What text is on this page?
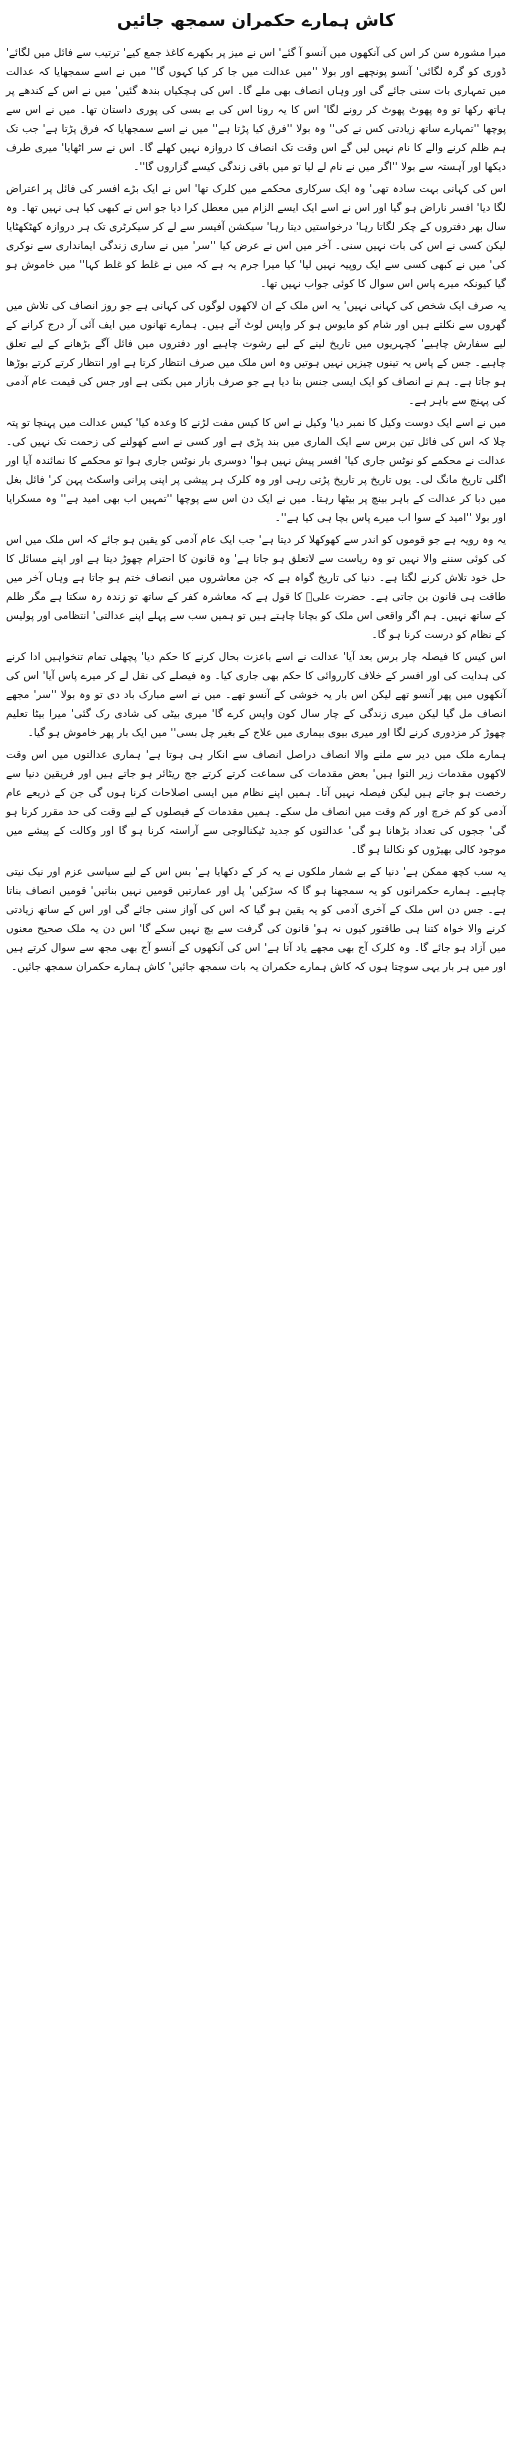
کاش ہمارے حکمران سمجھ جائیں

میرا مشورہ سن کر اس کی آنکھوں میں آنسو آ گئے' اس نے میز پر بکھرے کاغذ جمع کیے' ترتیب سے فائل میں لگائے' ڈوری کو گرہ لگائی' آنسو پونچھے اور بولا ''میں عدالت میں جا کر کیا کہوں گا'' میں نے اسے سمجھایا کہ عدالت میں تمہاری بات سنی جائے گی اور وہاں انصاف بھی ملے گا۔ اس کی ہچکیاں بندھ گئیں' میں نے اس کے کندھے پر ہاتھ رکھا تو وہ پھوٹ پھوٹ کر رونے لگا' اس کا یہ رونا اس کی بے بسی کی پوری داستان تھا۔ میں نے اس سے پوچھا ''تمہارے ساتھ زیادتی کس نے کی'' وہ بولا ''فرق کیا پڑتا ہے'' میں نے اسے سمجھایا کہ فرق پڑتا ہے' جب تک ہم ظلم کرنے والے کا نام نہیں لیں گے اس وقت تک انصاف کا دروازہ نہیں کھلے گا۔ اس نے سر اٹھایا' میری طرف دیکھا اور آہستہ سے بولا ''اگر میں نے نام لے لیا تو میں باقی زندگی کیسے گزاروں گا''۔

اس کی کہانی بہت سادہ تھی' وہ ایک سرکاری محکمے میں کلرک تھا' اس نے ایک بڑے افسر کی فائل پر اعتراض لگا دیا' افسر ناراض ہو گیا اور اس نے اسے ایک ایسے الزام میں معطل کرا دیا جو اس نے کبھی کیا ہی نہیں تھا۔ وہ سال بھر دفتروں کے چکر لگاتا رہا' درخواستیں دیتا رہا' سیکشن آفیسر سے لے کر سیکرٹری تک ہر دروازہ کھٹکھٹایا لیکن کسی نے اس کی بات نہیں سنی۔ آخر میں اس نے عرض کیا ''سر' میں نے ساری زندگی ایمانداری سے نوکری کی' میں نے کبھی کسی سے ایک روپیہ نہیں لیا' کیا میرا جرم یہ ہے کہ میں نے غلط کو غلط کہا'' میں خاموش ہو گیا کیونکہ میرے پاس اس سوال کا کوئی جواب نہیں تھا۔

یہ صرف ایک شخص کی کہانی نہیں' یہ اس ملک کے ان لاکھوں لوگوں کی کہانی ہے جو روز انصاف کی تلاش میں گھروں سے نکلتے ہیں اور شام کو مایوس ہو کر واپس لوٹ آتے ہیں۔ ہمارے تھانوں میں ایف آئی آر درج کرانے کے لیے سفارش چاہیے' کچہریوں میں تاریخ لینے کے لیے رشوت چاہیے اور دفتروں میں فائل آگے بڑھانے کے لیے تعلق چاہیے۔ جس کے پاس یہ تینوں چیزیں نہیں ہوتیں وہ اس ملک میں صرف انتظار کرتا ہے اور انتظار کرتے کرتے بوڑھا ہو جاتا ہے۔ ہم نے انصاف کو ایک ایسی جنس بنا دیا ہے جو صرف بازار میں بکتی ہے اور جس کی قیمت عام آدمی کی پہنچ سے باہر ہے۔

میں نے اسے ایک دوست وکیل کا نمبر دیا' وکیل نے اس کا کیس مفت لڑنے کا وعدہ کیا' کیس عدالت میں پہنچا تو پتہ چلا کہ اس کی فائل تین برس سے ایک الماری میں بند پڑی ہے اور کسی نے اسے کھولنے کی زحمت تک نہیں کی۔ عدالت نے محکمے کو نوٹس جاری کیا' افسر پیش نہیں ہوا' دوسری بار نوٹس جاری ہوا تو محکمے کا نمائندہ آیا اور اگلی تاریخ مانگ لی۔ یوں تاریخ پر تاریخ پڑتی رہی اور وہ کلرک ہر پیشی پر اپنی پرانی واسکٹ پہن کر' فائل بغل میں دبا کر عدالت کے باہر بینچ پر بیٹھا رہتا۔ میں نے ایک دن اس سے پوچھا ''تمہیں اب بھی امید ہے'' وہ مسکرایا اور بولا ''امید کے سوا اب میرے پاس بچا ہی کیا ہے''۔

یہ وہ رویہ ہے جو قوموں کو اندر سے کھوکھلا کر دیتا ہے' جب ایک عام آدمی کو یقین ہو جائے کہ اس ملک میں اس کی کوئی سننے والا نہیں تو وہ ریاست سے لاتعلق ہو جاتا ہے' وہ قانون کا احترام چھوڑ دیتا ہے اور اپنے مسائل کا حل خود تلاش کرنے لگتا ہے۔ دنیا کی تاریخ گواہ ہے کہ جن معاشروں میں انصاف ختم ہو جاتا ہے وہاں آخر میں طاقت ہی قانون بن جاتی ہے۔ حضرت علیؓ کا قول ہے کہ معاشرہ کفر کے ساتھ تو زندہ رہ سکتا ہے مگر ظلم کے ساتھ نہیں۔ ہم اگر واقعی اس ملک کو بچانا چاہتے ہیں تو ہمیں سب سے پہلے اپنے عدالتی' انتظامی اور پولیس کے نظام کو درست کرنا ہو گا۔

اس کیس کا فیصلہ چار برس بعد آیا' عدالت نے اسے باعزت بحال کرنے کا حکم دیا' پچھلی تمام تنخواہیں ادا کرنے کی ہدایت کی اور افسر کے خلاف کارروائی کا حکم بھی جاری کیا۔ وہ فیصلے کی نقل لے کر میرے پاس آیا' اس کی آنکھوں میں پھر آنسو تھے لیکن اس بار یہ خوشی کے آنسو تھے۔ میں نے اسے مبارک باد دی تو وہ بولا ''سر' مجھے انصاف مل گیا لیکن میری زندگی کے چار سال کون واپس کرے گا' میری بیٹی کی شادی رک گئی' میرا بیٹا تعلیم چھوڑ کر مزدوری کرنے لگا اور میری بیوی بیماری میں علاج کے بغیر چل بسی'' میں ایک بار پھر خاموش ہو گیا۔

ہمارے ملک میں دیر سے ملنے والا انصاف دراصل انصاف سے انکار ہی ہوتا ہے' ہماری عدالتوں میں اس وقت لاکھوں مقدمات زیر التوا ہیں' بعض مقدمات کی سماعت کرتے کرتے جج ریٹائر ہو جاتے ہیں اور فریقین دنیا سے رخصت ہو جاتے ہیں لیکن فیصلہ نہیں آتا۔ ہمیں اپنے نظام میں ایسی اصلاحات کرنا ہوں گی جن کے ذریعے عام آدمی کو کم خرچ اور کم وقت میں انصاف مل سکے۔ ہمیں مقدمات کے فیصلوں کے لیے وقت کی حد مقرر کرنا ہو گی' ججوں کی تعداد بڑھانا ہو گی' عدالتوں کو جدید ٹیکنالوجی سے آراستہ کرنا ہو گا اور وکالت کے پیشے میں موجود کالی بھیڑوں کو نکالنا ہو گا۔

یہ سب کچھ ممکن ہے' دنیا کے بے شمار ملکوں نے یہ کر کے دکھایا ہے' بس اس کے لیے سیاسی عزم اور نیک نیتی چاہیے۔ ہمارے حکمرانوں کو یہ سمجھنا ہو گا کہ سڑکیں' پل اور عمارتیں قومیں نہیں بناتیں' قومیں انصاف بناتا ہے۔ جس دن اس ملک کے آخری آدمی کو یہ یقین ہو گیا کہ اس کی آواز سنی جائے گی اور اس کے ساتھ زیادتی کرنے والا خواہ کتنا ہی طاقتور کیوں نہ ہو' قانون کی گرفت سے بچ نہیں سکے گا' اس دن یہ ملک صحیح معنوں میں آزاد ہو جائے گا۔ وہ کلرک آج بھی مجھے یاد آتا ہے' اس کی آنکھوں کے آنسو آج بھی مجھ سے سوال کرتے ہیں اور میں ہر بار یہی سوچتا ہوں کہ کاش ہمارے حکمران یہ بات سمجھ جائیں' کاش ہمارے حکمران سمجھ جائیں۔
